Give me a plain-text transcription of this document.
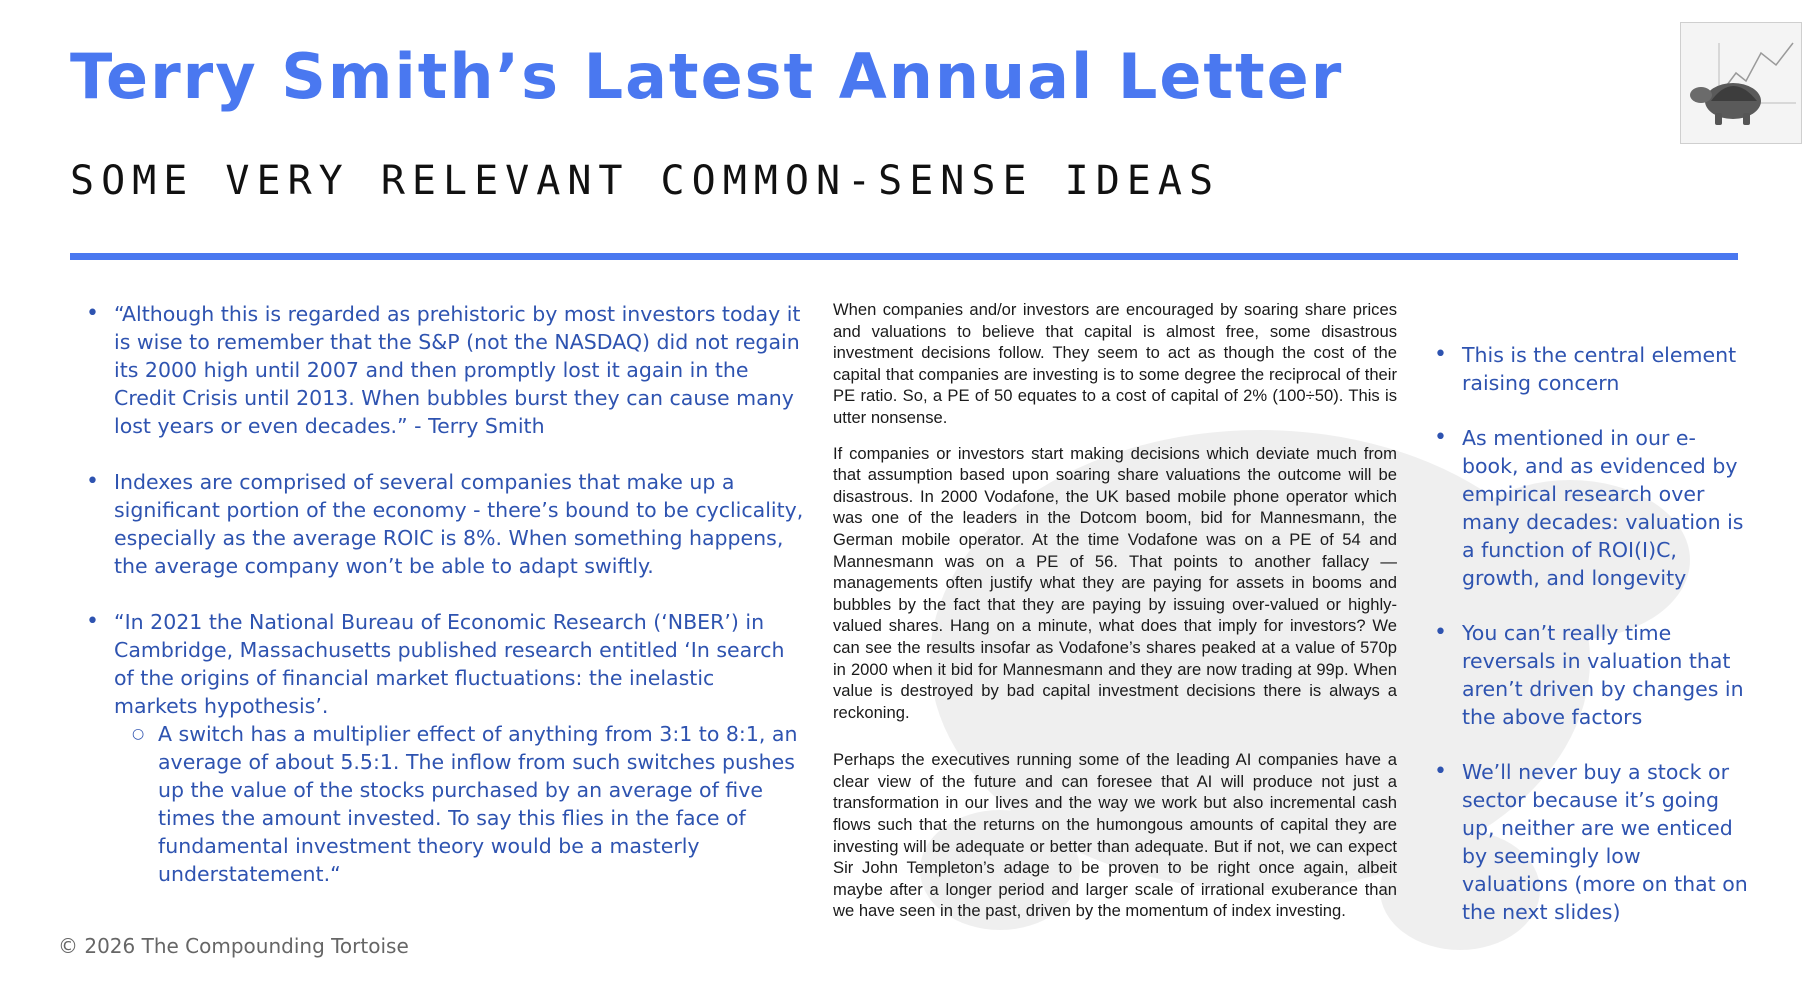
Terry Smith’s Latest Annual Letter
SOME VERY RELEVANT COMMON-SENSE IDEAS
• “Although this is regarded as prehistoric by most investors today it is wise to remember that the S&P (not the NASDAQ) did not regain its 2000 high until 2007 and then promptly lost it again in the Credit Crisis until 2013. When bubbles burst they can cause many lost years or even decades.” - Terry Smith
• Indexes are comprised of several companies that make up a significant portion of the economy - there’s bound to be cyclicality, especially as the average ROIC is 8%. When something happens, the average company won’t be able to adapt swiftly.
• “In 2021 the National Bureau of Economic Research (‘NBER’) in Cambridge, Massachusetts published research entitled ‘In search of the origins of financial market fluctuations: the inelastic markets hypothesis’.
○ A switch has a multiplier effect of anything from 3:1 to 8:1, an average of about 5.5:1. The inflow from such switches pushes up the value of the stocks purchased by an average of five times the amount invested. To say this flies in the face of fundamental investment theory would be a masterly understatement.“

When companies and/or investors are encouraged by soaring share prices and valuations to believe that capital is almost free, some disastrous investment decisions follow. They seem to act as though the cost of the capital that companies are investing is to some degree the reciprocal of their PE ratio. So, a PE of 50 equates to a cost of capital of 2% (100÷50). This is utter nonsense.

If companies or investors start making decisions which deviate much from that assumption based upon soaring share valuations the outcome will be disastrous. In 2000 Vodafone, the UK based mobile phone operator which was one of the leaders in the Dotcom boom, bid for Mannesmann, the German mobile operator. At the time Vodafone was on a PE of 54 and Mannesmann was on a PE of 56. That points to another fallacy — managements often justify what they are paying for assets in booms and bubbles by the fact that they are paying by issuing over-valued or highly-valued shares. Hang on a minute, what does that imply for investors? We can see the results insofar as Vodafone’s shares peaked at a value of 570p in 2000 when it bid for Mannesmann and they are now trading at 99p. When value is destroyed by bad capital investment decisions there is always a reckoning.

Perhaps the executives running some of the leading AI companies have a clear view of the future and can foresee that AI will produce not just a transformation in our lives and the way we work but also incremental cash flows such that the returns on the humongous amounts of capital they are investing will be adequate or better than adequate. But if not, we can expect Sir John Templeton’s adage to be proven to be right once again, albeit maybe after a longer period and larger scale of irrational exuberance than we have seen in the past, driven by the momentum of index investing.

• This is the central element raising concern
• As mentioned in our e-book, and as evidenced by empirical research over many decades: valuation is a function of ROI(I)C, growth, and longevity
• You can’t really time reversals in valuation that aren’t driven by changes in the above factors
• We’ll never buy a stock or sector because it’s going up, neither are we enticed by seemingly low valuations (more on that on the next slides)
© 2026 The Compounding Tortoise
